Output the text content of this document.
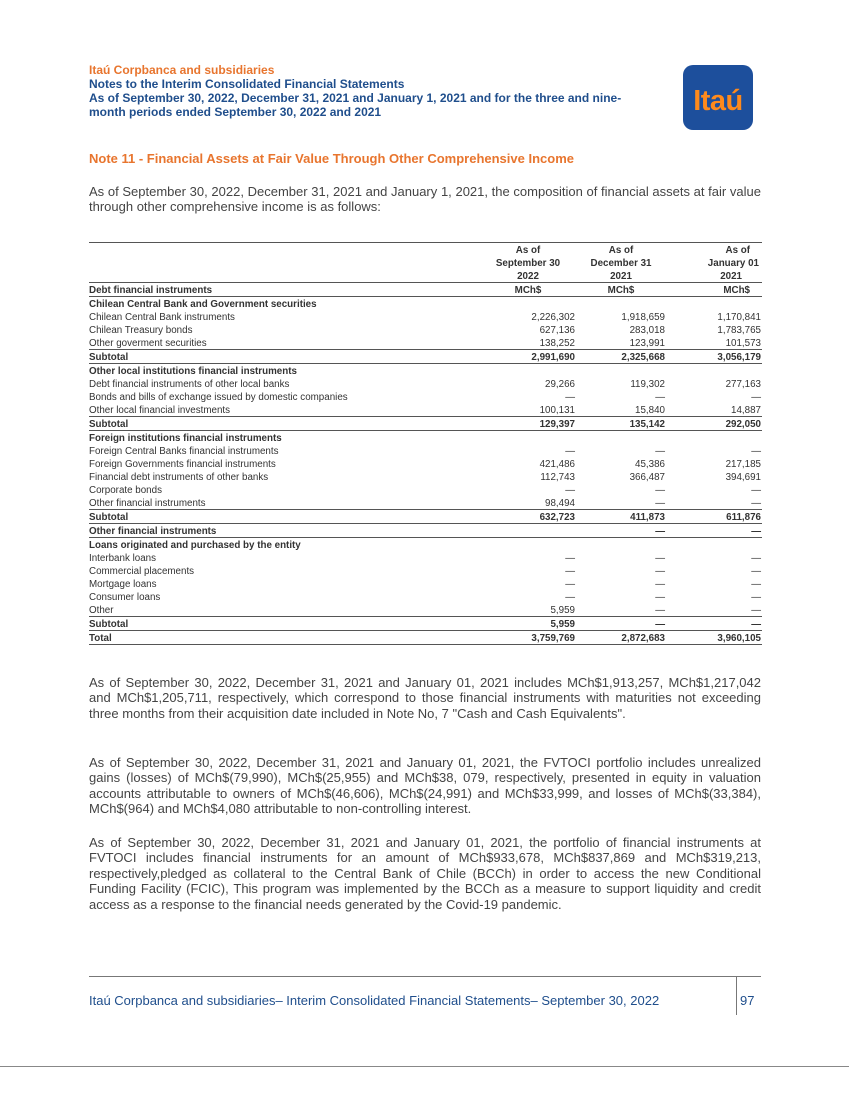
Itaú Corpbanca and subsidiaries
Notes to the Interim Consolidated Financial Statements
As of September 30, 2022, December 31, 2021 and January 1, 2021 and for the three and nine-
month periods ended September 30, 2022 and 2021	Itaú
Note 11 - Financial Assets at Fair Value Through Other Comprehensive Income
As of September 30, 2022, December 31, 2021 and January 1, 2021, the composition of financial assets at fair value through other comprehensive income is as follows:
	As of	As of	As of
	September 30	December 31	January 01
	2022	2021	2021
Debt financial instruments	MCh$	MCh$	MCh$
Chilean Central Bank and Government securities			
Chilean Central Bank instruments	2,226,302	1,918,659	1,170,841
Chilean Treasury bonds	627,136	283,018	1,783,765
Other goverment securities	138,252	123,991	101,573
Subtotal	2,991,690	2,325,668	3,056,179
Other local institutions financial instruments			
Debt financial instruments of other local banks	29,266	119,302	277,163
Bonds and bills of exchange issued by domestic companies	—	—	—
Other local financial investments	100,131	15,840	14,887
Subtotal	129,397	135,142	292,050
Foreign institutions financial instruments			
Foreign Central Banks financial instruments	—	—	—
Foreign Governments financial instruments	421,486	45,386	217,185
Financial debt instruments of other banks	112,743	366,487	394,691
Corporate bonds	—	—	—
Other financial instruments	98,494	—	—
Subtotal	632,723	411,873	611,876
Other financial instruments		—	—
Loans originated and purchased by the entity			
Interbank loans	—	—	—
Commercial placements	—	—	—
Mortgage loans	—	—	—
Consumer loans	—	—	—
Other	5,959	—	—
Subtotal	5,959	—	—
Total	3,759,769	2,872,683	3,960,105
As of September 30, 2022, December 31, 2021 and January 01, 2021 includes MCh$1,913,257, MCh$1,217,042 and MCh$1,205,711, respectively, which correspond to those financial instruments with maturities not exceeding three months from their acquisition date included in Note No, 7 "Cash and Cash Equivalents".
As of September 30, 2022, December 31, 2021 and January 01, 2021, the FVTOCI portfolio includes unrealized gains (losses) of MCh$(79,990), MCh$(25,955) and MCh$38, 079, respectively, presented in equity in valuation accounts attributable to owners of MCh$(46,606), MCh$(24,991) and MCh$33,999, and losses of MCh$(33,384), MCh$(964) and MCh$4,080 attributable to non-controlling interest.
As of September 30, 2022, December 31, 2021 and January 01, 2021, the portfolio of financial instruments at FVTOCI includes financial instruments for an amount of MCh$933,678, MCh$837,869 and MCh$319,213, respectively,pledged as collateral to the Central Bank of Chile (BCCh) in order to access the new Conditional Funding Facility (FCIC), This program was implemented by the BCCh as a measure to support liquidity and credit access as a response to the financial needs generated by the Covid-19 pandemic.
Itaú Corpbanca and subsidiaries– Interim Consolidated Financial Statements– September 30, 2022	97
